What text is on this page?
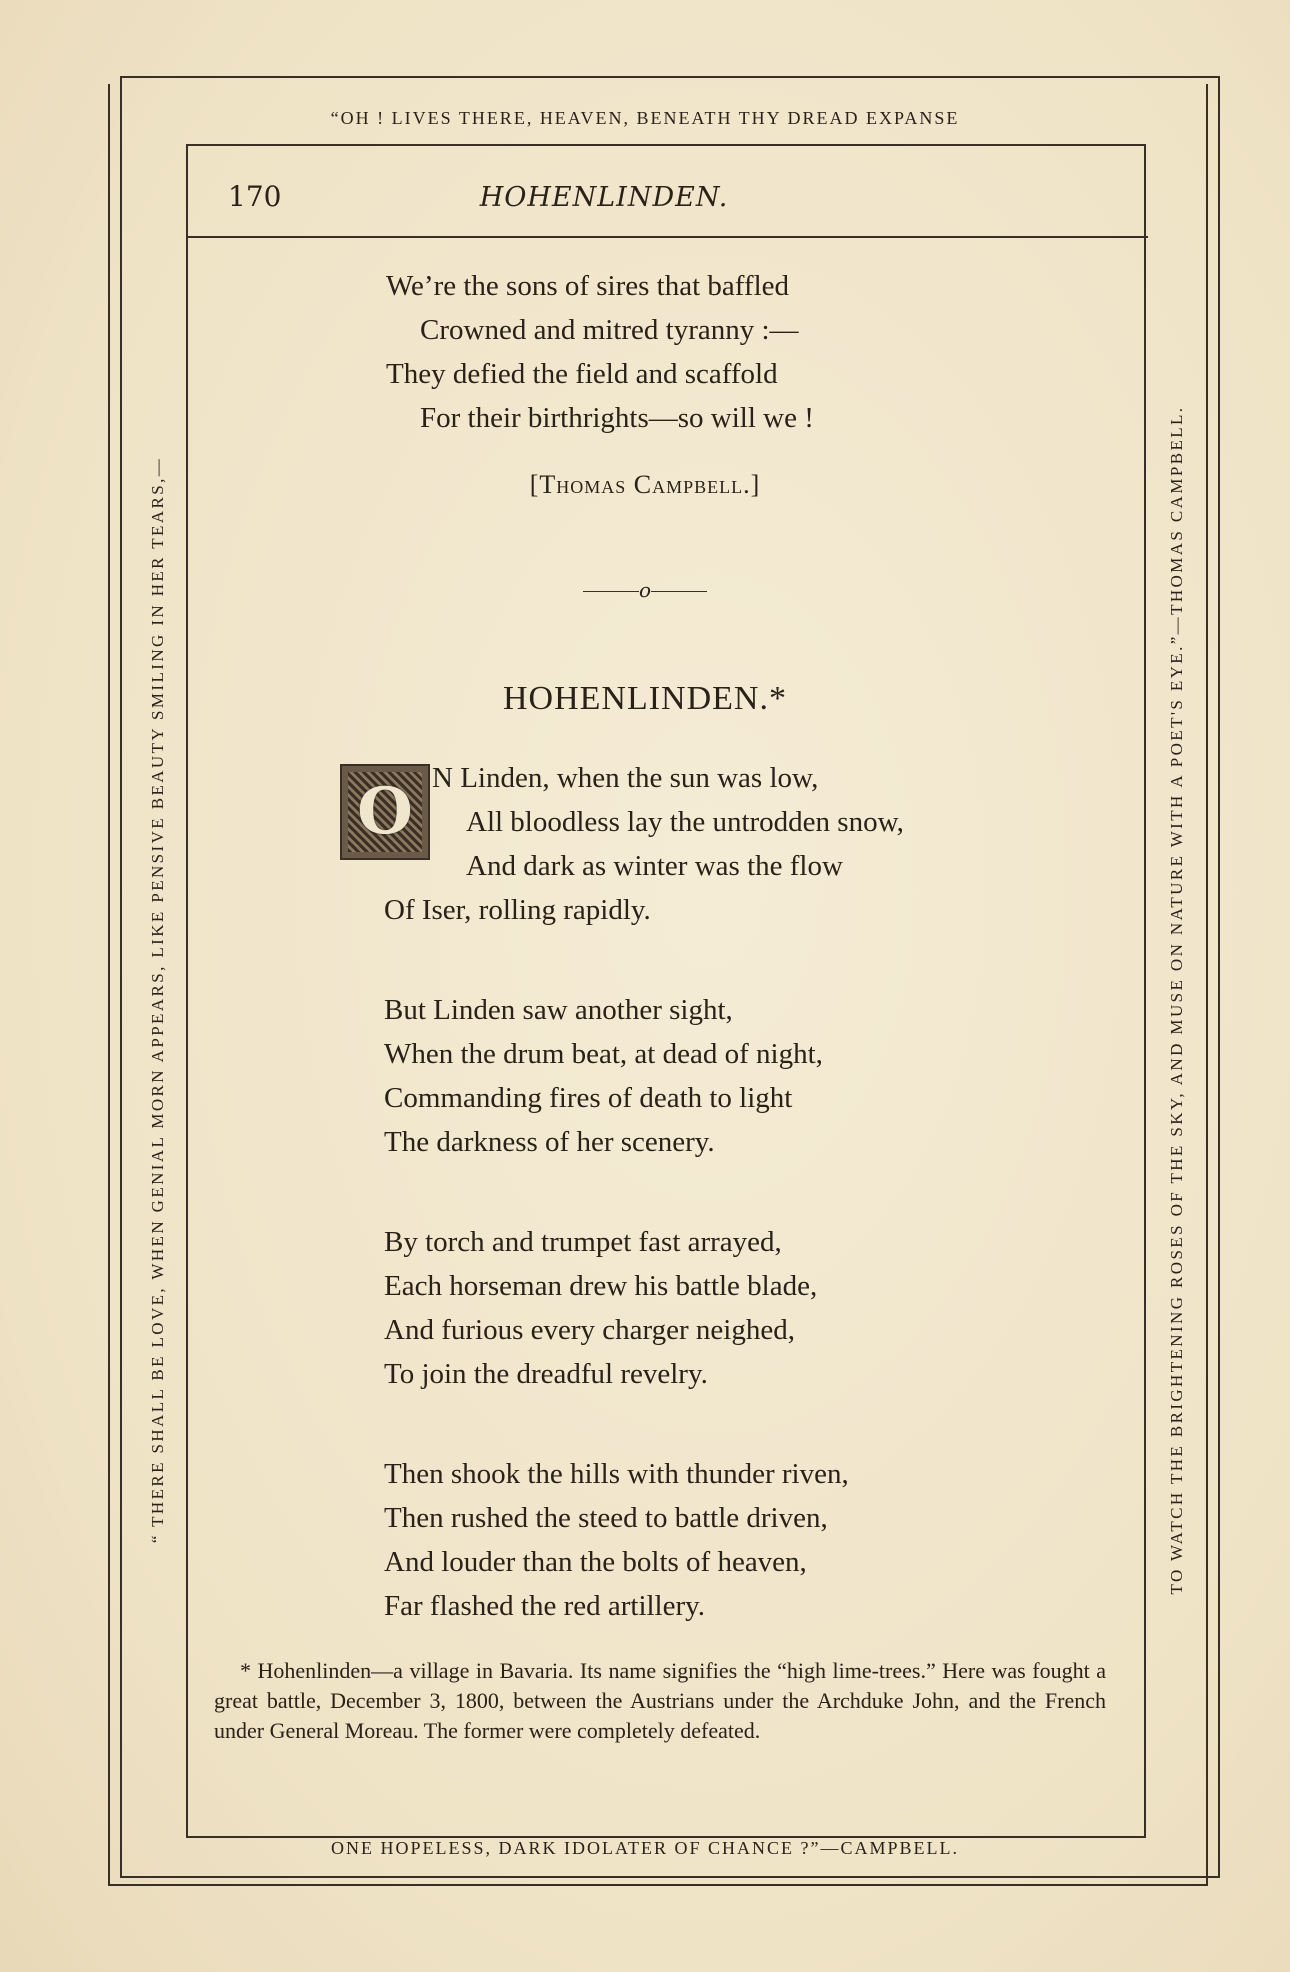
“OH ! LIVES THERE, HEAVEN, BENEATH THY DREAD EXPANSE
ONE HOPELESS, DARK IDOLATER OF CHANCE ?”—CAMPBELL.
“ THERE SHALL BE LOVE, WHEN GENIAL MORN APPEARS, LIKE PENSIVE BEAUTY SMILING IN HER TEARS,—	TO WATCH THE BRIGHTENING ROSES OF THE SKY, AND MUSE ON NATURE WITH A POET'S EYE.”—THOMAS CAMPBELL.
170	HOHENLINDEN.
We’re the sons of sires that baffled
Crowned and mitred tyranny :—
They defied the field and scaffold
For their birthrights—so will we !
[Thomas Campbell.]
o
HOHENLINDEN.*
O N Linden, when the sun was low,
All bloodless lay the untrodden snow,
And dark as winter was the flow
Of Iser, rolling rapidly.
But Linden saw another sight,
When the drum beat, at dead of night,
Commanding fires of death to light
The darkness of her scenery.
By torch and trumpet fast arrayed,
Each horseman drew his battle blade,
And furious every charger neighed,
To join the dreadful revelry.
Then shook the hills with thunder riven,
Then rushed the steed to battle driven,
And louder than the bolts of heaven,
Far flashed the red artillery.
* Hohenlinden—a village in Bavaria. Its name signifies the “high lime-trees.” Here was fought a great battle, December 3, 1800, between the Austrians under the Archduke John, and the French under General Moreau. The former were completely defeated.
